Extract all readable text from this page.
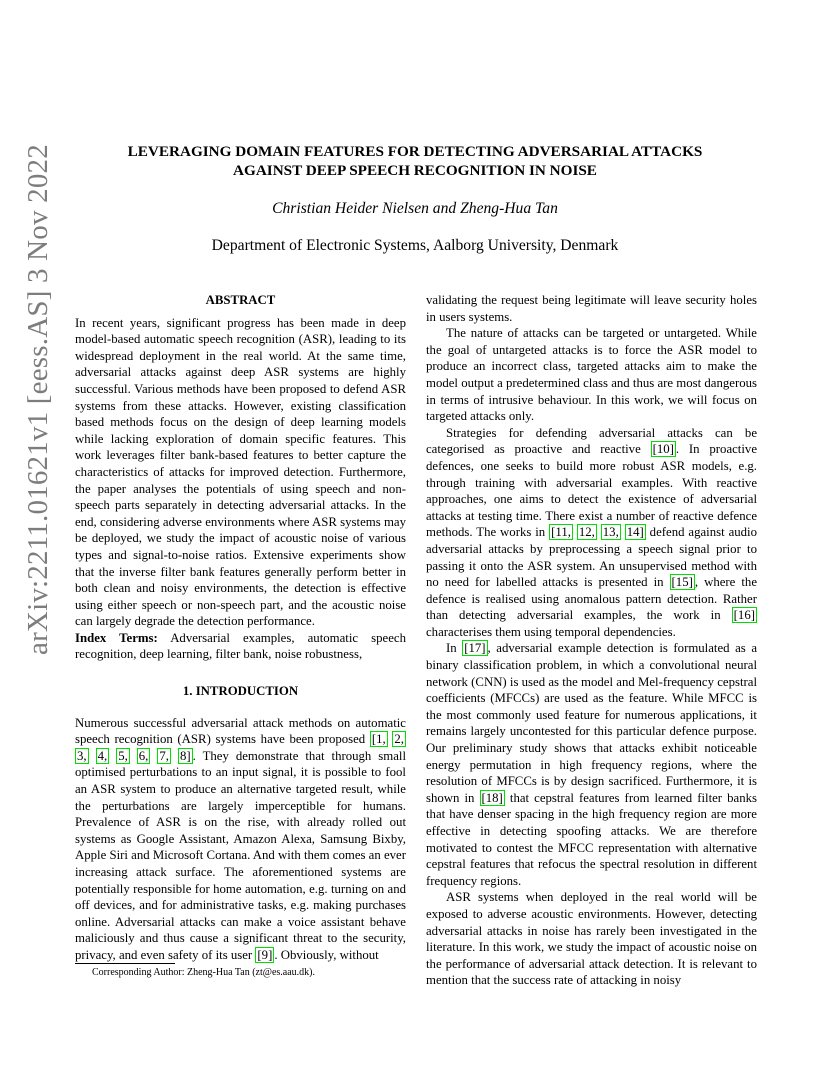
arXiv:2211.01621v1 [eess.AS] 3 Nov 2022	LEVERAGING DOMAIN FEATURES FOR DETECTING ADVERSARIAL ATTACKS
AGAINST DEEP SPEECH RECOGNITION IN NOISE
Christian Heider Nielsen and Zheng-Hua Tan
Department of Electronic Systems, Aalborg University, Denmark
ABSTRACT

In recent years, significant progress has been made in deep model-based automatic speech recognition (ASR), leading to its widespread deployment in the real world. At the same time, adversarial attacks against deep ASR systems are highly successful. Various methods have been proposed to defend ASR systems from these attacks. However, existing classification based methods focus on the design of deep learning models while lacking exploration of domain specific features. This work leverages filter bank-based features to better capture the characteristics of attacks for improved detection. Furthermore, the paper analyses the potentials of using speech and non-speech parts separately in detecting adversarial attacks. In the end, considering adverse environments where ASR systems may be deployed, we study the impact of acoustic noise of various types and signal-to-noise ratios. Extensive experiments show that the inverse filter bank features generally perform better in both clean and noisy environments, the detection is effective using either speech or non-speech part, and the acoustic noise can largely degrade the detection performance.

Index Terms: Adversarial examples, automatic speech recognition, deep learning, filter bank, noise robustness,

1. INTRODUCTION

Numerous successful adversarial attack methods on automatic speech recognition (ASR) systems have been proposed [1, 2, 3, 4, 5, 6, 7, 8] . They demonstrate that through small optimised perturbations to an input signal, it is possible to fool an ASR system to produce an alternative targeted result, while the perturbations are largely imperceptible for humans. Prevalence of ASR is on the rise, with already rolled out systems as Google Assistant, Amazon Alexa, Samsung Bixby, Apple Siri and Microsoft Cortana. And with them comes an ever increasing attack surface. The aforementioned systems are potentially responsible for home automation, e.g. turning on and off devices, and for administrative tasks, e.g. making purchases online. Adversarial attacks can make a voice assistant behave maliciously and thus cause a significant threat to the security, privacy, and even safety of its user [9] . Obviously, without

validating the request being legitimate will leave security holes in users systems.

The nature of attacks can be targeted or untargeted. While the goal of untargeted attacks is to force the ASR model to produce an incorrect class, targeted attacks aim to make the model output a predetermined class and thus are most dangerous in terms of intrusive behaviour. In this work, we will focus on targeted attacks only.

Strategies for defending adversarial attacks can be categorised as proactive and reactive [10] . In proactive defences, one seeks to build more robust ASR models, e.g. through training with adversarial examples. With reactive approaches, one aims to detect the existence of adversarial attacks at testing time. There exist a number of reactive defence methods. The works in [11, 12, 13, 14] defend against audio adversarial attacks by preprocessing a speech signal prior to passing it onto the ASR system. An unsupervised method with no need for labelled attacks is presented in [15] , where the defence is realised using anomalous pattern detection. Rather than detecting adversarial examples, the work in [16] characterises them using temporal dependencies.

In [17] , adversarial example detection is formulated as a binary classification problem, in which a convolutional neural network (CNN) is used as the model and Mel-frequency cepstral coefficients (MFCCs) are used as the feature. While MFCC is the most commonly used feature for numerous applications, it remains largely uncontested for this particular defence purpose. Our preliminary study shows that attacks exhibit noticeable energy permutation in high frequency regions, where the resolution of MFCCs is by design sacrificed. Furthermore, it is shown in [18] that cepstral features from learned filter banks that have denser spacing in the high frequency region are more effective in detecting spoofing attacks. We are therefore motivated to contest the MFCC representation with alternative cepstral features that refocus the spectral resolution in different frequency regions.

ASR systems when deployed in the real world will be exposed to adverse acoustic environments. However, detecting adversarial attacks in noise has rarely been investigated in the literature. In this work, we study the impact of acoustic noise on the performance of adversarial attack detection. It is relevant to mention that the success rate of attacking in noisy

Corresponding Author: Zheng-Hua Tan (zt@es.aau.dk).
